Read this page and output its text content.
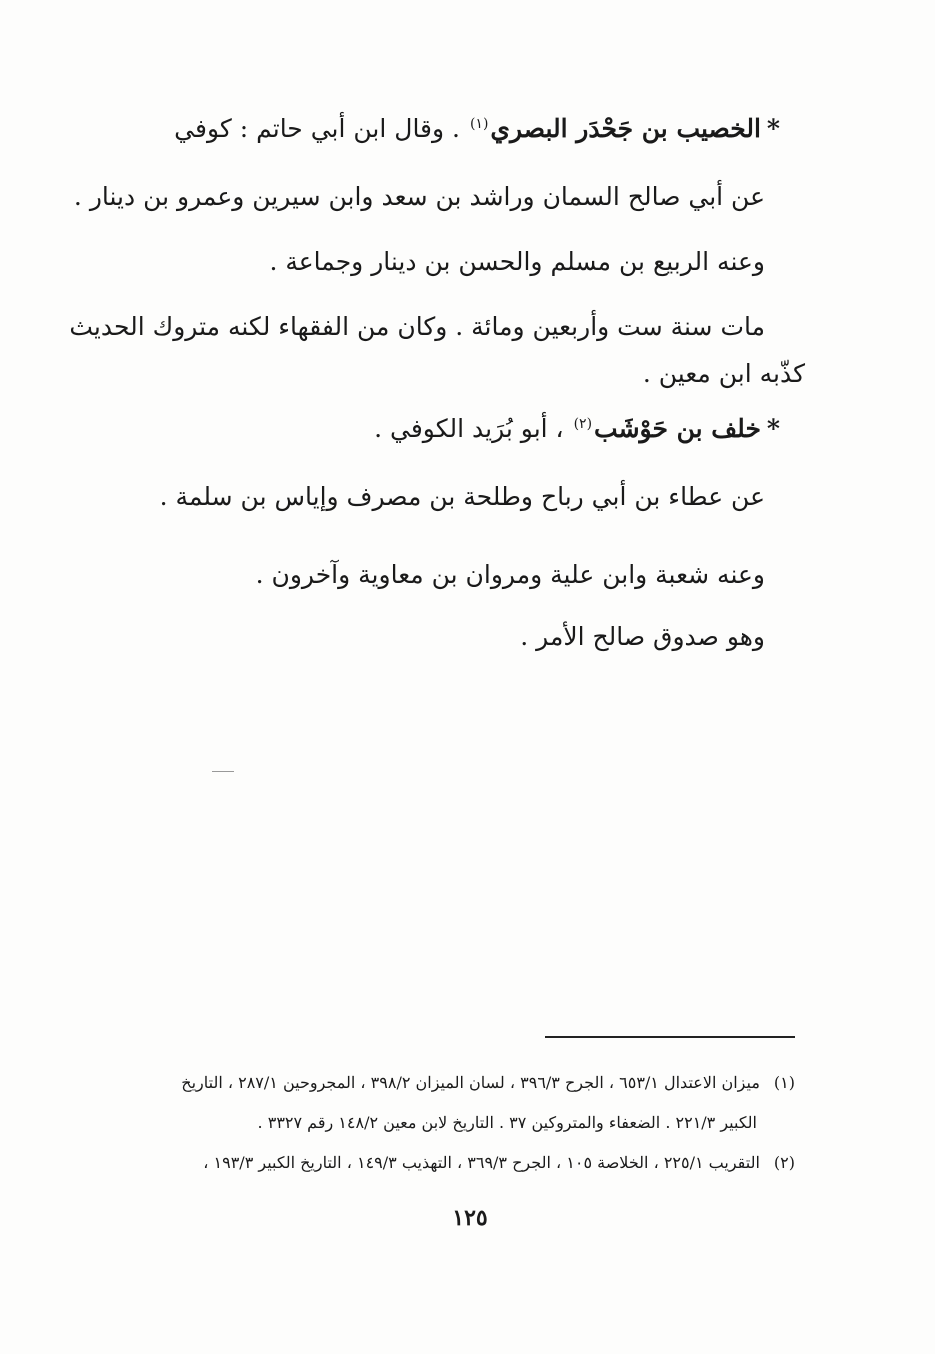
*الخصيب بن جَحْدَر البصري$^{(١)}$ . وقال ابن أبي حاتم : كوفي
عن أبي صالح السمان وراشد بن سعد وابن سيرين وعمرو بن دينار .
وعنه الربيع بن مسلم والحسن بن دينار وجماعة .
مات سنة ست وأربعين ومائة . وكان من الفقهاء لكنه متروك الحديث
كذّبه ابن معين .
*خلف بن حَوْشَب$^{(٢)}$ ، أبو بُرَيد الكوفي .
عن عطاء بن أبي رباح وطلحة بن مصرف وإياس بن سلمة .
وعنه شعبة وابن علية ومروان بن معاوية وآخرون .
وهو صدوق صالح الأمر .
(١)ميزان الاعتدال ٦٥٣/١ ، الجرح ٣٩٦/٣ ، لسان الميزان ٣٩٨/٢ ، المجروحين ٢٨٧/١ ، التاريخ
الكبير ٢٢١/٣ . الضعفاء والمتروكين ٣٧ . التاريخ لابن معين ١٤٨/٢ رقم ٣٣٢٧ .
(٢)التقريب ٢٢٥/١ ، الخلاصة ١٠٥ ، الجرح ٣٦٩/٣ ، التهذيب ١٤٩/٣ ، التاريخ الكبير ١٩٣/٣ ،
١٢٥
